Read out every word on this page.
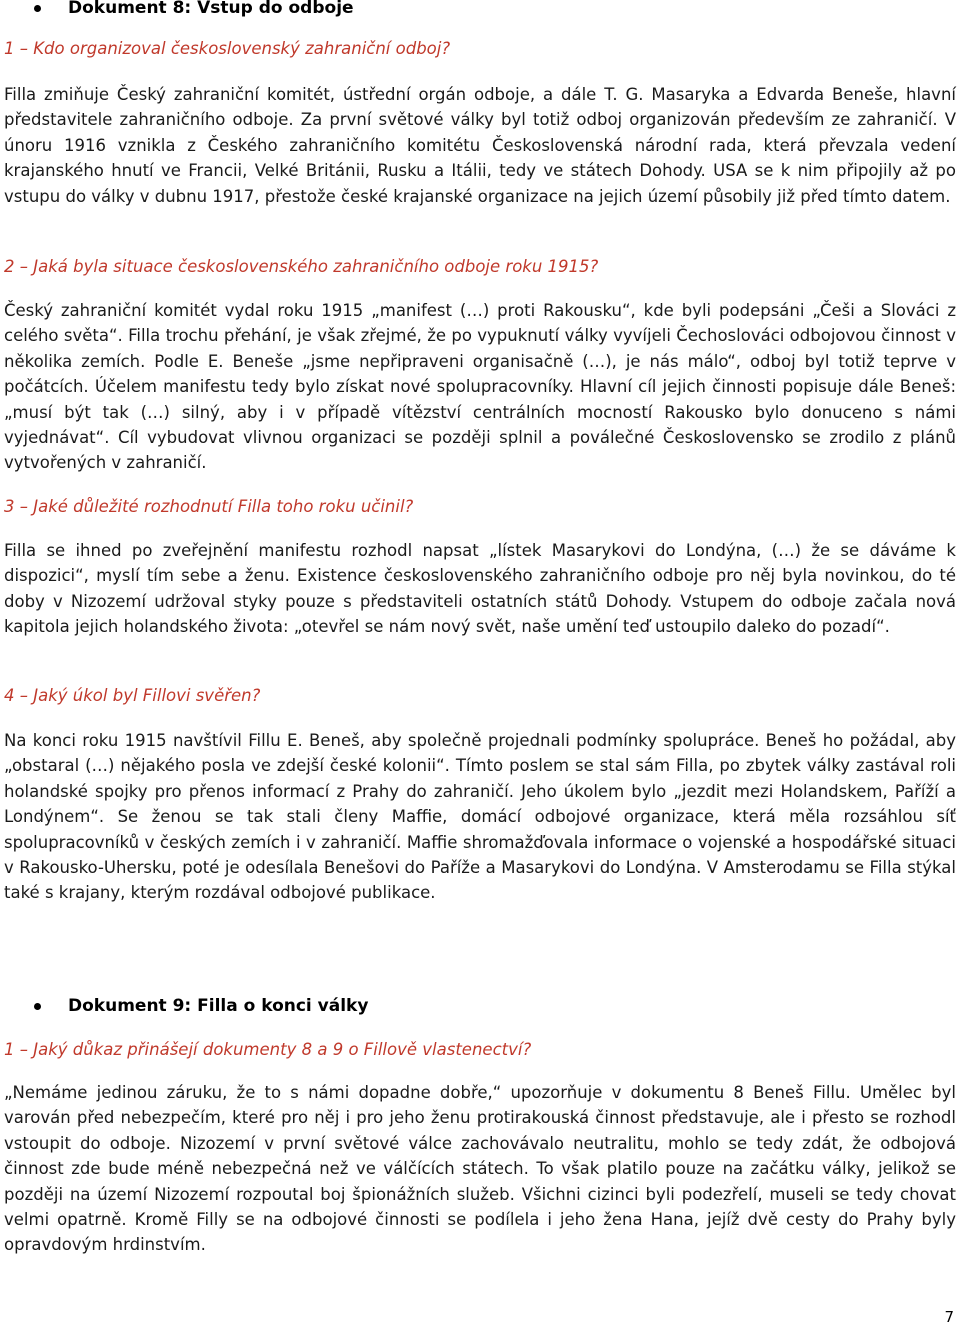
Dokument 8: Vstup do odboje

1 – Kdo organizoval československý zahraniční odboj?

Filla zmiňuje Český zahraniční komitét, ústřední orgán odboje, a dále T. G. Masaryka a Edvarda Beneše, hlavní představitele zahraničního odboje. Za první světové války byl totiž odboj organizován především ze zahraničí. V únoru 1916 vznikla z Českého zahraničního komitétu Československá národní rada, která převzala vedení krajanského hnutí ve Francii, Velké Británii, Rusku a Itálii, tedy ve státech Dohody. USA se k nim připojily až po vstupu do války v dubnu 1917, přestože české krajanské organizace na jejich území působily již před tímto datem.

2 – Jaká byla situace československého zahraničního odboje roku 1915?

Český zahraniční komitét vydal roku 1915 „manifest (…) proti Rakousku“, kde byli podepsáni „Češi a Slováci z celého světa“. Filla trochu přehání, je však zřejmé, že po vypuknutí války vyvíjeli Čechoslováci odbojovou činnost v několika zemích. Podle E. Beneše „jsme nepřipraveni organisačně (…), je nás málo“, odboj byl totiž teprve v počátcích. Účelem manifestu tedy bylo získat nové spolupracovníky. Hlavní cíl jejich činnosti popisuje dále Beneš: „musí být tak (…) silný, aby i v případě vítězství centrálních mocností Rakousko bylo donuceno s námi vyjednávat“. Cíl vybudovat vlivnou organizaci se později splnil a poválečné Československo se zrodilo z plánů vytvořených v zahraničí.

3 – Jaké důležité rozhodnutí Filla toho roku učinil?

Filla se ihned po zveřejnění manifestu rozhodl napsat „lístek Masarykovi do Londýna, (…) že se dáváme k dispozici“, myslí tím sebe a ženu. Existence československého zahraničního odboje pro něj byla novinkou, do té doby v Nizozemí udržoval styky pouze s představiteli ostatních států Dohody. Vstupem do odboje začala nová kapitola jejich holandského života: „otevřel se nám nový svět, naše umění teď ustoupilo daleko do pozadí“.

4 – Jaký úkol byl Fillovi svěřen?

Na konci roku 1915 navštívil Fillu E. Beneš, aby společně projednali podmínky spolupráce. Beneš ho požádal, aby „obstaral (…) nějakého posla ve zdejší české kolonii“. Tímto poslem se stal sám Filla, po zbytek války zastával roli holandské spojky pro přenos informací z Prahy do zahraničí. Jeho úkolem bylo „jezdit mezi Holandskem, Paříží a Londýnem“. Se ženou se tak stali členy Maffie, domácí odbojové organizace, která měla rozsáhlou síť spolupracovníků v českých zemích i v zahraničí. Maffie shromažďovala informace o vojenské a hospodářské situaci v Rakousko-Uhersku, poté je odesílala Benešovi do Paříže a Masarykovi do Londýna. V Amsterodamu se Filla stýkal také s krajany, kterým rozdával odbojové publikace.

Dokument 9: Filla o konci války

1 – Jaký důkaz přinášejí dokumenty 8 a 9 o Fillově vlastenectví?

„Nemáme jedinou záruku, že to s námi dopadne dobře,“ upozorňuje v dokumentu 8 Beneš Fillu. Umělec byl varován před nebezpečím, které pro něj i pro jeho ženu protirakouská činnost představuje, ale i přesto se rozhodl vstoupit do odboje. Nizozemí v první světové válce zachovávalo neutralitu, mohlo se tedy zdát, že odbojová činnost zde bude méně nebezpečná než ve válčících státech. To však platilo pouze na začátku války, jelikož se později na území Nizozemí rozpoutal boj špionážních služeb. Všichni cizinci byli podezřelí, museli se tedy chovat velmi opatrně. Kromě Filly se na odbojové činnosti se podílela i jeho žena Hana, jejíž dvě cesty do Prahy byly opravdovým hrdinstvím.

7
